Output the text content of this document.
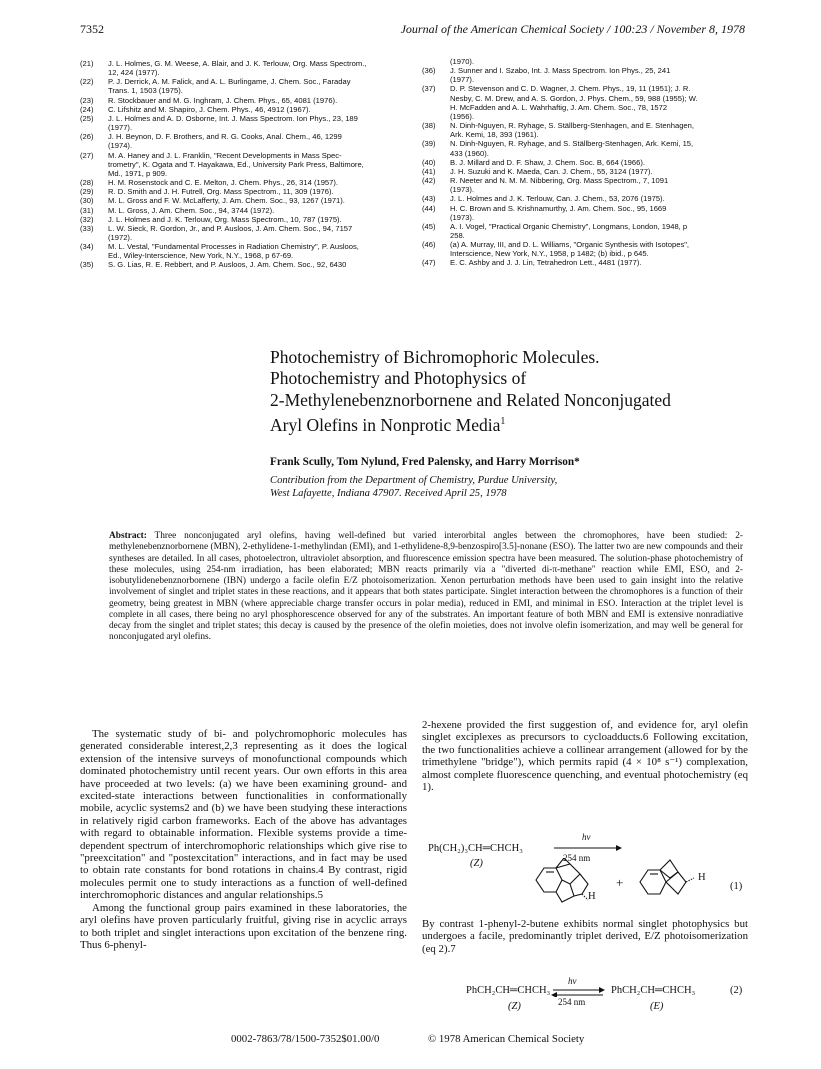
7352	Journal of the American Chemical Society / 100:23 / November 8, 1978
(21)	J. L. Holmes, G. M. Weese, A. Blair, and J. K. Terlouw, Org. Mass Spectrom.,
12, 424 (1977).
(22)	P. J. Derrick, A. M. Falick, and A. L. Burlingame, J. Chem. Soc., Faraday
Trans. 1, 1503 (1975).
(23)	R. Stockbauer and M. G. Inghram, J. Chem. Phys., 65, 4081 (1976).
(24)	C. Lifshitz and M. Shapiro, J. Chem. Phys., 46, 4912 (1967).
(25)	J. L. Holmes and A. D. Osborne, Int. J. Mass Spectrom. Ion Phys., 23, 189
(1977).
(26)	J. H. Beynon, D. F. Brothers, and R. G. Cooks, Anal. Chem., 46, 1299
(1974).
(27)	M. A. Haney and J. L. Franklin, "Recent Developments in Mass Spec-
trometry", K. Ogata and T. Hayakawa, Ed., University Park Press, Baltimore,
Md., 1971, p 909.
(28)	H. M. Rosenstock and C. E. Melton, J. Chem. Phys., 26, 314 (1957).
(29)	R. D. Smith and J. H. Futrell, Org. Mass Spectrom., 11, 309 (1976).
(30)	M. L. Gross and F. W. McLafferty, J. Am. Chem. Soc., 93, 1267 (1971).
(31)	M. L. Gross, J. Am. Chem. Soc., 94, 3744 (1972).
(32)	J. L. Holmes and J. K. Terlouw, Org. Mass Spectrom., 10, 787 (1975).
(33)	L. W. Sieck, R. Gordon, Jr., and P. Ausloos, J. Am. Chem. Soc., 94, 7157
(1972).
(34)	M. L. Vestal, "Fundamental Processes in Radiation Chemistry", P. Ausloos,
Ed., Wiley-Interscience, New York, N.Y., 1968, p 67-69.
(35)	S. G. Lias, R. E. Rebbert, and P. Ausloos, J. Am. Chem. Soc., 92, 6430
(1970).
(36)	J. Sunner and I. Szabo, Int. J. Mass Spectrom. Ion Phys., 25, 241
(1977).
(37)	D. P. Stevenson and C. D. Wagner, J. Chem. Phys., 19, 11 (1951); J. R.
Nesby, C. M. Drew, and A. S. Gordon, J. Phys. Chem., 59, 988 (1955); W.
H. McFadden and A. L. Wahrhaftig, J. Am. Chem. Soc., 78, 1572
(1956).
(38)	N. Dinh-Nguyen, R. Ryhage, S. Ställberg-Stenhagen, and E. Stenhagen,
Ark. Kemi, 18, 393 (1961).
(39)	N. Dinh-Nguyen, R. Ryhage, and S. Ställberg-Stenhagen, Ark. Kemi, 15,
433 (1960).
(40)	B. J. Millard and D. F. Shaw, J. Chem. Soc. B, 664 (1966).
(41)	J. H. Suzuki and K. Maeda, Can. J. Chem., 55, 3124 (1977).
(42)	R. Neeter and N. M. M. Nibbering, Org. Mass Spectrom., 7, 1091
(1973).
(43)	J. L. Holmes and J. K. Terlouw, Can. J. Chem., 53, 2076 (1975).
(44)	H. C. Brown and S. Krishnamurthy, J. Am. Chem. Soc., 95, 1669
(1973).
(45)	A. I. Vogel, "Practical Organic Chemistry", Longmans, London, 1948, p
258.
(46)	(a) A. Murray, III, and D. L. Williams, "Organic Synthesis with Isotopes",
Interscience, New York, N.Y., 1958, p 1482; (b) ibid., p 645.
(47)	E. C. Ashby and J. J. Lin, Tetrahedron Lett., 4481 (1977).
Photochemistry of Bichromophoric Molecules.
Photochemistry and Photophysics of
2-Methylenebenznorbornene and Related Nonconjugated
Aryl Olefins in Nonprotic Media$^1$
Frank Scully, Tom Nylund, Fred Palensky, and Harry Morrison*
Contribution from the Department of Chemistry, Purdue University,
West Lafayette, Indiana 47907. Received April 25, 1978
Abstract: Three nonconjugated aryl olefins, having well-defined but varied interorbital angles between the chromophores, have been studied: 2-methylenebenznorbornene (MBN), 2-ethylidene-1-methylindan (EMI), and 1-ethylidene-8,9-benzospiro[3.5]-nonane (ESO). The latter two are new compounds and their syntheses are detailed. In all cases, photoelectron, ultraviolet absorption, and fluorescence emission spectra have been measured. The solution-phase photochemistry of these molecules, using 254-nm irradiation, has been elaborated; MBN reacts primarily via a "diverted di-π-methane" reaction while EMI, ESO, and 2-isobutylidenebenznorbornene (IBN) undergo a facile olefin E/Z photoisomerization. Xenon perturbation methods have been used to gain insight into the relative involvement of singlet and triplet states in these reactions, and it appears that both states participate. Singlet interaction between the chromophores is a function of their geometry, being greatest in MBN (where appreciable charge transfer occurs in polar media), reduced in EMI, and minimal in ESO. Interaction at the triplet level is complete in all cases, there being no aryl phosphorescence observed for any of the substrates. An important feature of both MBN and EMI is extensive nonradiative decay from the singlet and triplet states; this decay is caused by the presence of the olefin moieties, does not involve olefin isomerization, and may well be general for nonconjugated aryl olefins.

The systematic study of bi- and polychromophoric molecules has generated considerable interest,2,3 representing as it does the logical extension of the intensive surveys of monofunctional compounds which dominated photochemistry until recent years. Our own efforts in this area have proceeded at two levels: (a) we have been examining ground- and excited-state interactions between functionalities in conformationally mobile, acyclic systems2 and (b) we have been studying these interactions in relatively rigid carbon frameworks. Each of the above has advantages with regard to obtainable information. Flexible systems provide a time-dependent spectrum of interchromophoric relationships which give rise to "preexcitation" and "postexcitation" interactions, and in fact may be used to obtain rate constants for bond rotations in chains.4 By contrast, rigid molecules permit one to study interactions as a function of well-defined interchromophoric distances and angular relationships.5

Among the functional group pairs examined in these laboratories, the aryl olefins have proven particularly fruitful, giving rise in acyclic arrays to both triplet and singlet interactions upon excitation of the benzene ring. Thus 6-phenyl-

2-hexene provided the first suggestion of, and evidence for, aryl olefin singlet exciplexes as precursors to cycloadducts.6 Following excitation, the two functionalities achieve a collinear arrangement (allowed for by the trimethylene "bridge"), which permits rapid (4 × 10⁸ s⁻¹) complexation, almost complete fluorescence quenching, and eventual photochemistry (eq 1).

Ph(CH₂)₃CH═CHCH₃
(Z)
hν
254 nm
H
+	H
(1)
By contrast 1-phenyl-2-butene exhibits normal singlet photophysics but undergoes a facile, predominantly triplet derived, E/Z photoisomerization (eq 2).7
hν
PhCH₂CH═CHCH₃
254 nm
PhCH₂CH═CHCH₃
(Z)	(E)
(2)
0002-7863/78/1500-7352$01.00/0	© 1978 American Chemical Society
